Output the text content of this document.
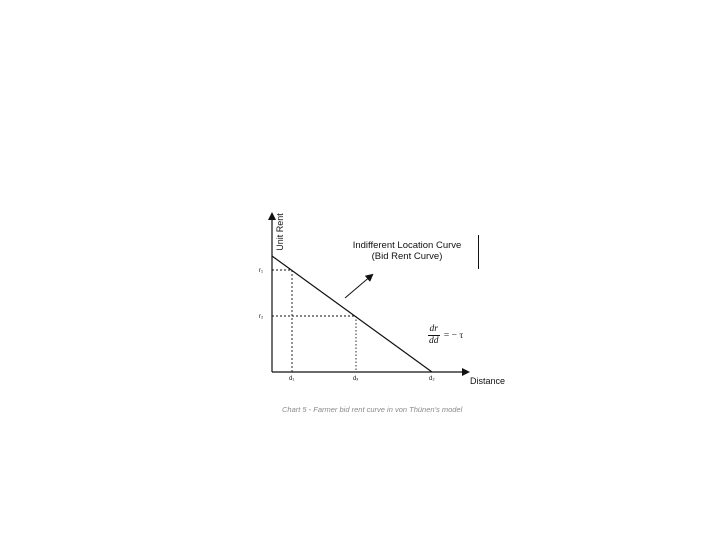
Unit Rent
Distance
r₁
r₂
d₁	dₓ	d₂
Indifferent Location Curve
(Bid Rent Curve)
$\frac{dr}{dd}$ = − τ
Chart 5 - Farmer bid rent curve in von Thünen's model
